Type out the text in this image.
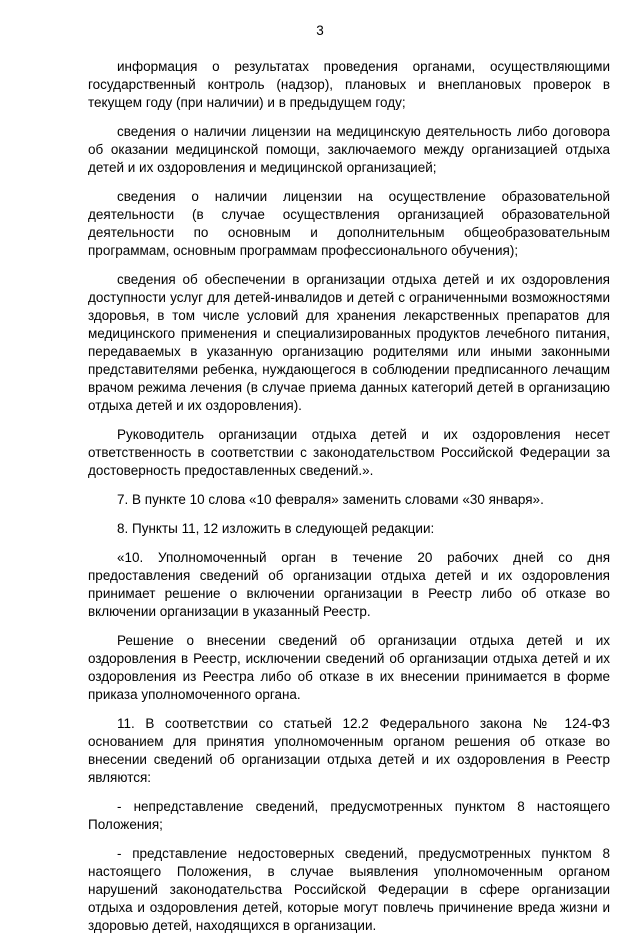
3

информация о результатах проведения органами, осуществляющими государственный контроль (надзор), плановых и внеплановых проверок в текущем году (при наличии) и в предыдущем году;

сведения о наличии лицензии на медицинскую деятельность либо договора об оказании медицинской помощи, заключаемого между организацией отдыха детей и их оздоровления и медицинской организацией;

сведения о наличии лицензии на осуществление образовательной деятельности (в случае осуществления организацией образовательной деятельности по основным и дополнительным общеобразовательным программам, основным программам профессионального обучения);

сведения об обеспечении в организации отдыха детей и их оздоровления доступности услуг для детей-инвалидов и детей с ограниченными возможностями здоровья, в том числе условий для хранения лекарственных препаратов для медицинского применения и специализированных продуктов лечебного питания, передаваемых в указанную организацию родителями или иными законными представителями ребенка, нуждающегося в соблюдении предписанного лечащим врачом режима лечения (в случае приема данных категорий детей в организацию отдыха детей и их оздоровления).

Руководитель организации отдыха детей и их оздоровления несет ответственность в соответствии с законодательством Российской Федерации за достоверность предоставленных сведений.».

7. В пункте 10 слова «10 февраля» заменить словами «30 января».

8. Пункты 11, 12 изложить в следующей редакции:

«10. Уполномоченный орган в течение 20 рабочих дней со дня предоставления сведений об организации отдыха детей и их оздоровления принимает решение о включении организации в Реестр либо об отказе во включении организации в указанный Реестр.

Решение о внесении сведений об организации отдыха детей и их оздоровления в Реестр, исключении сведений об организации отдыха детей и их оздоровления из Реестра либо об отказе в их внесении принимается в форме приказа уполномоченного органа.

11. В соответствии со статьей 12.2 Федерального закона № 124-ФЗ основанием для принятия уполномоченным органом решения об отказе во внесении сведений об организации отдыха детей и их оздоровления в Реестр являются:

- непредставление сведений, предусмотренных пунктом 8 настоящего Положения;

- представление недостоверных сведений, предусмотренных пунктом 8 настоящего Положения, в случае выявления уполномоченным органом нарушений законодательства Российской Федерации в сфере организации отдыха и оздоровления детей, которые могут повлечь причинение вреда жизни и здоровью детей, находящихся в организации.
